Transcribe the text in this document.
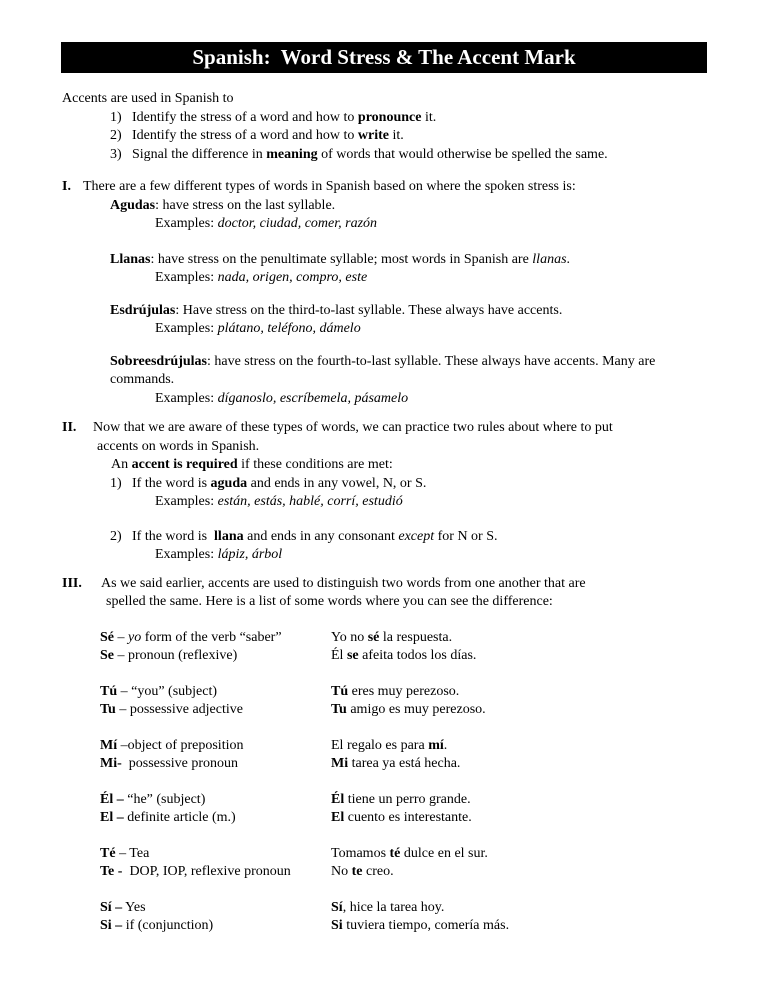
Spanish:  Word Stress & The Accent Mark
Accents are used in Spanish to
1) Identify the stress of a word and how to pronounce it.
2) Identify the stress of a word and how to write it.
3) Signal the difference in meaning of words that would otherwise be spelled the same.
I. There are a few different types of words in Spanish based on where the spoken stress is:
Agudas: have stress on the last syllable.
Examples: doctor, ciudad, comer, razón
Llanas: have stress on the penultimate syllable; most words in Spanish are llanas.
Examples: nada, origen, compro, este
Esdrújulas: Have stress on the third-to-last syllable. These always have accents.
Examples: plátano, teléfono, dámelo
Sobreesdrújulas: have stress on the fourth-to-last syllable. These always have accents. Many are
commands.
Examples: díganoslo, escríbemela, pásamelo
II. Now that we are aware of these types of words, we can practice two rules about where to put
accents on words in Spanish.
An accent is required if these conditions are met:
1) If the word is aguda and ends in any vowel, N, or S.
Examples: están, estás, hablé, corrí, estudió
2) If the word is  llana and ends in any consonant except for N or S.
Examples: lápiz, árbol
III. As we said earlier, accents are used to distinguish two words from one another that are
spelled the same. Here is a list of some words where you can see the difference:
Sé – yo form of the verb “saber”	Yo no sé la respuesta.
Se – pronoun (reflexive)	Él se afeita todos los días.
Tú – “you” (subject)	Tú eres muy perezoso.
Tu – possessive adjective	Tu amigo es muy perezoso.
Mí –object of preposition	El regalo es para mí.
Mi-  possessive pronoun	Mi tarea ya está hecha.
Él – “he” (subject)	Él tiene un perro grande.
El – definite article (m.)	El cuento es interestante.
Té – Tea	Tomamos té dulce en el sur.
Te -  DOP, IOP, reflexive pronoun	No te creo.
Sí – Yes	Sí, hice la tarea hoy.
Si – if (conjunction)	Si tuviera tiempo, comería más.
